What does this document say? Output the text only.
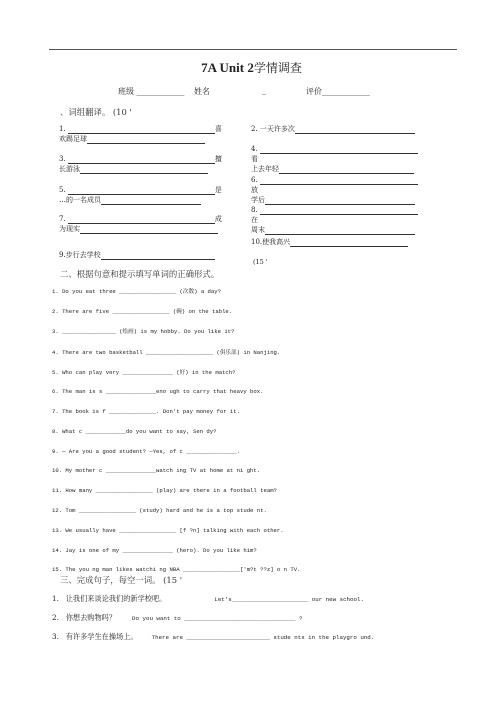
7A Unit 2学情调查
班级 ____________ 姓名	_	评价____________
、词组翻译。 (10 '
1.	喜
欢踢足球
3.	擅
长游泳
5.	是
…的一名成员
7.	成
为现实
9.步行去学校
2. 一天许多次
4. 看
上去年轻
6. 放
学后
8. 在
周末
10.使我高兴
(15 '
二、根据句意和提示填写单词的正确形式。
1. Do you eat three _________________ (次数) a day?
2. There are five _________________ (碗) on the table.
3. ________________ (绘画) is my hobby. Do you like it?
4. There are two basketball ____________________ (俱乐部) in Nanjing.
5. Who can play very _______________ (好) in the match?
6. The man is s _______________eno ugh to carry that heavy box.
7. The book is f ______________. Don't pay money for it.
8. What c ____________do you want to say, Sen dy?
9. — Are you a good student? —Yes, of c _______________.
10. My mother c _______________watch ing TV at home at ni ght.
11. How many _________________ (play) are there in a football team?
12. Tom _________________ (study) hard and he is a top stude nt.
13. We usually have _________________ [f ?n] talking with each other.
14. Jay is one of my _______________ (hero). Do you like him?
15. The you ng man likes watchi ng NBA _________________['m?t ??z] o n TV.
三、完成句子，每空一词。 (15 '
1. 让我们来谈论我们的新学校吧。	Let's______________________ our new school.
2. 你想去购物吗？	Do you want to ________________________________ ?
3. 有许多学生在操场上。 There are ________________________ stude nts in the playgro und.
